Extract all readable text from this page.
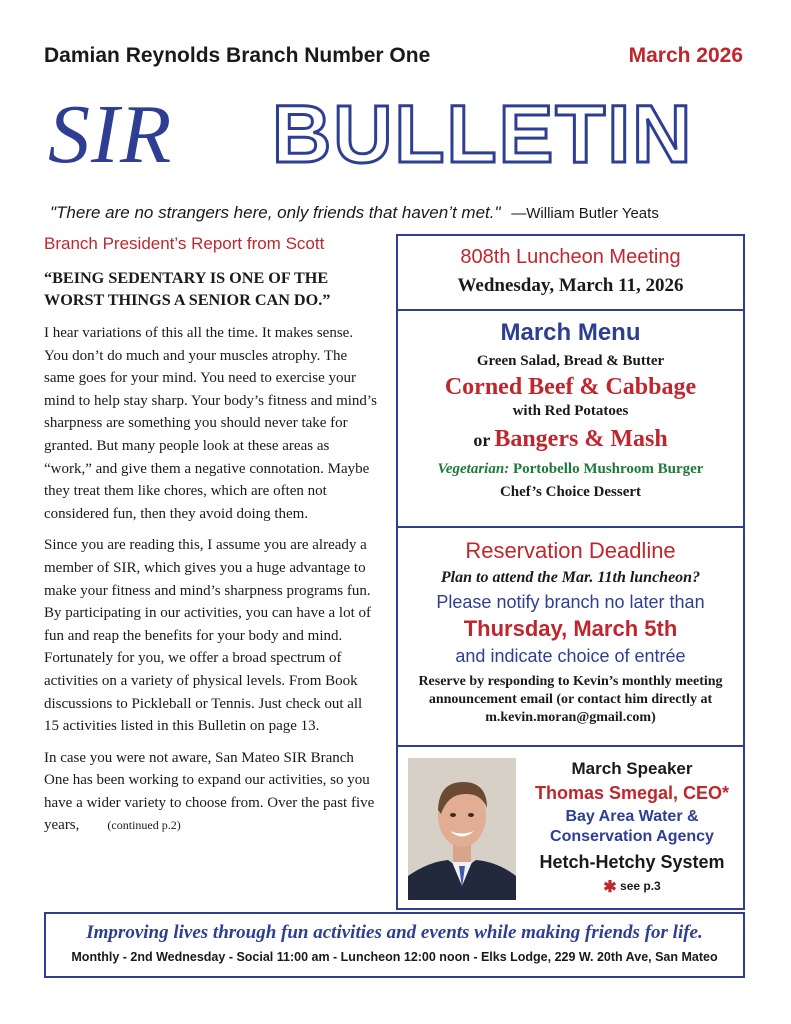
Damian Reynolds Branch Number One	March 2026
SIR BULLETIN
"There are no strangers here, only friends that haven’t met." —William Butler Yeats
Branch President’s Report from Scott
“BEING SEDENTARY IS ONE OF THE WORST THINGS A SENIOR CAN DO.”

I hear variations of this all the time. It makes sense. You don’t do much and your muscles atrophy. The same goes for your mind. You need to exercise your mind to help stay sharp. Your body’s fitness and mind’s sharpness are something you should never take for granted. But many people look at these areas as “work,” and give them a negative connotation. Maybe they treat them like chores, which are often not considered fun, then they avoid doing them.

Since you are reading this, I assume you are already a member of SIR, which gives you a huge advantage to make your fitness and mind’s sharpness programs fun. By participating in our activities, you can have a lot of fun and reap the benefits for your body and mind. Fortunately for you, we offer a broad spectrum of activities on a variety of physical levels. From Book discussions to Pickleball or Tennis. Just check out all 15 activities listed in this Bulletin on page 13.

In case you were not aware, San Mateo SIR Branch One has been working to expand our activities, so you have a wider variety to choose from. Over the past five years, (continued p.2)

808th Luncheon Meeting
Wednesday, March 11, 2026
March Menu
Green Salad, Bread & Butter
Corned Beef & Cabbage
with Red Potatoes
or Bangers & Mash
Vegetarian: Portobello Mushroom Burger
Chef’s Choice Dessert
Reservation Deadline
Plan to attend the Mar. 11th luncheon?
Please notify branch no later than
Thursday, March 5th
and indicate choice of entrée
Reserve by responding to Kevin’s monthly meeting announcement email (or contact him directly at m.kevin.moran@gmail.com)
March Speaker
Thomas Smegal, CEO*
Bay Area Water & Conservation Agency
Hetch-Hetchy System
✱ see p.3
Improving lives through fun activities and events while making friends for life.
Monthly - 2nd Wednesday - Social 11:00 am - Luncheon 12:00 noon - Elks Lodge, 229 W. 20th Ave, San Mateo
